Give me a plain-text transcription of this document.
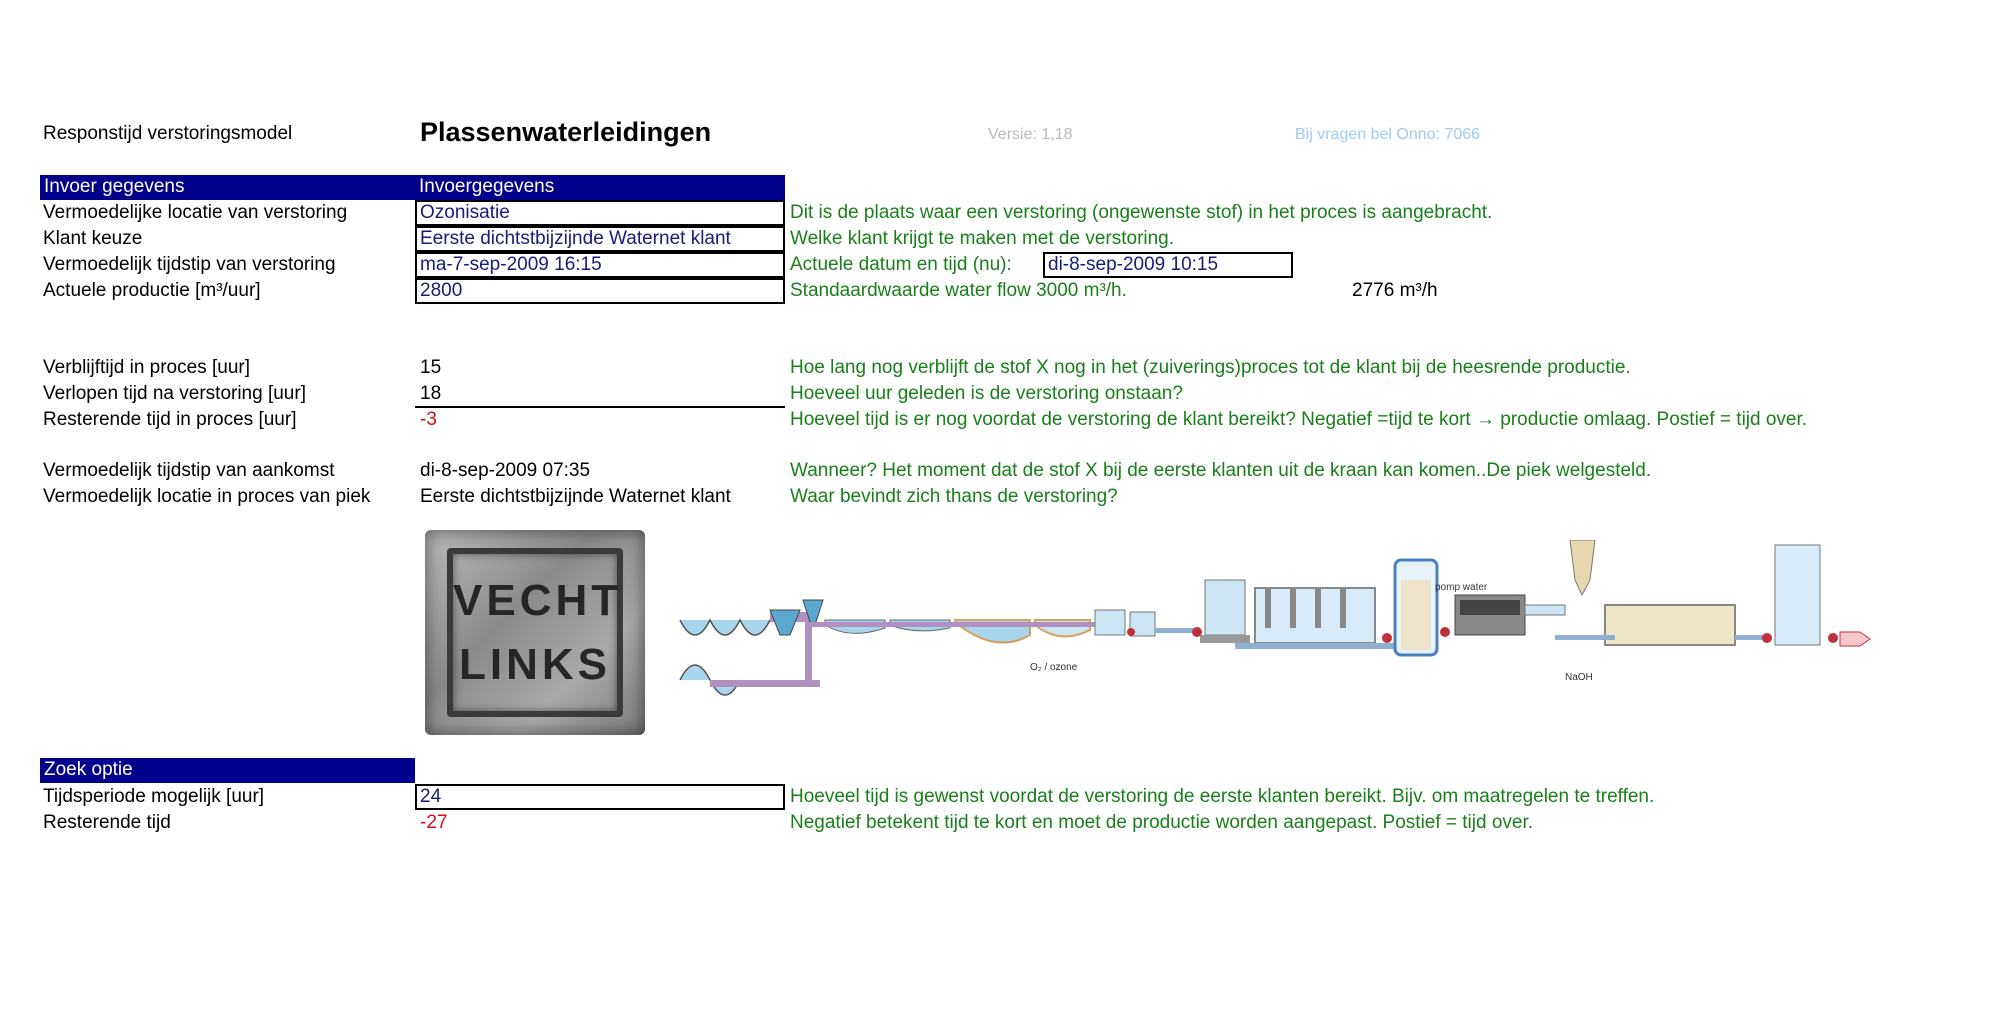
Responstijd verstoringsmodel	Plassenwaterleidingen	Versie: 1,18	Bij vragen bel Onno: 7066
Invoer gegevens	Invoergegevens
Vermoedelijke locatie van verstoring	Ozonisatie	Dit is de plaats waar een verstoring (ongewenste stof) in het proces is aangebracht.
Klant keuze	Eerste dichtstbijzijnde Waternet klant	Welke klant krijgt te maken met de verstoring.
Vermoedelijk tijdstip van verstoring	ma-7-sep-2009 16:15	Actuele datum en tijd (nu): di-8-sep-2009 10:15
Actuele productie [m³/uur]	2800	Standaardwaarde water flow 3000 m³/h.	2776 m³/h
Verblijftijd in proces [uur]	15	Hoe lang nog verblijft de stof X nog in het (zuiverings)proces tot de klant bij de heesrende productie.
Verlopen tijd na verstoring [uur]	18	Hoeveel uur geleden is de verstoring onstaan?
Resterende tijd in proces [uur]	-3	Hoeveel tijd is er nog voordat de verstoring de klant bereikt? Negatief =tijd te kort → productie omlaag. Postief = tijd over.
Vermoedelijk tijdstip van aankomst	di-8-sep-2009 07:35	Wanneer? Het moment dat de stof X bij de eerste klanten uit de kraan kan komen..De piek welgesteld.
Vermoedelijk locatie in proces van piek	Eerste dichtstbijzijnde Waternet klant	Waar bevindt zich thans de verstoring?
VECHT
LINKS
pomp water
NaOH
O₂ / ozone
Zoek optie
Tijdsperiode mogelijk [uur]	24	Hoeveel tijd is gewenst voordat de verstoring de eerste klanten bereikt. Bijv. om maatregelen te treffen.
Resterende tijd	-27	Negatief betekent tijd te kort en moet de productie worden aangepast. Postief = tijd over.
